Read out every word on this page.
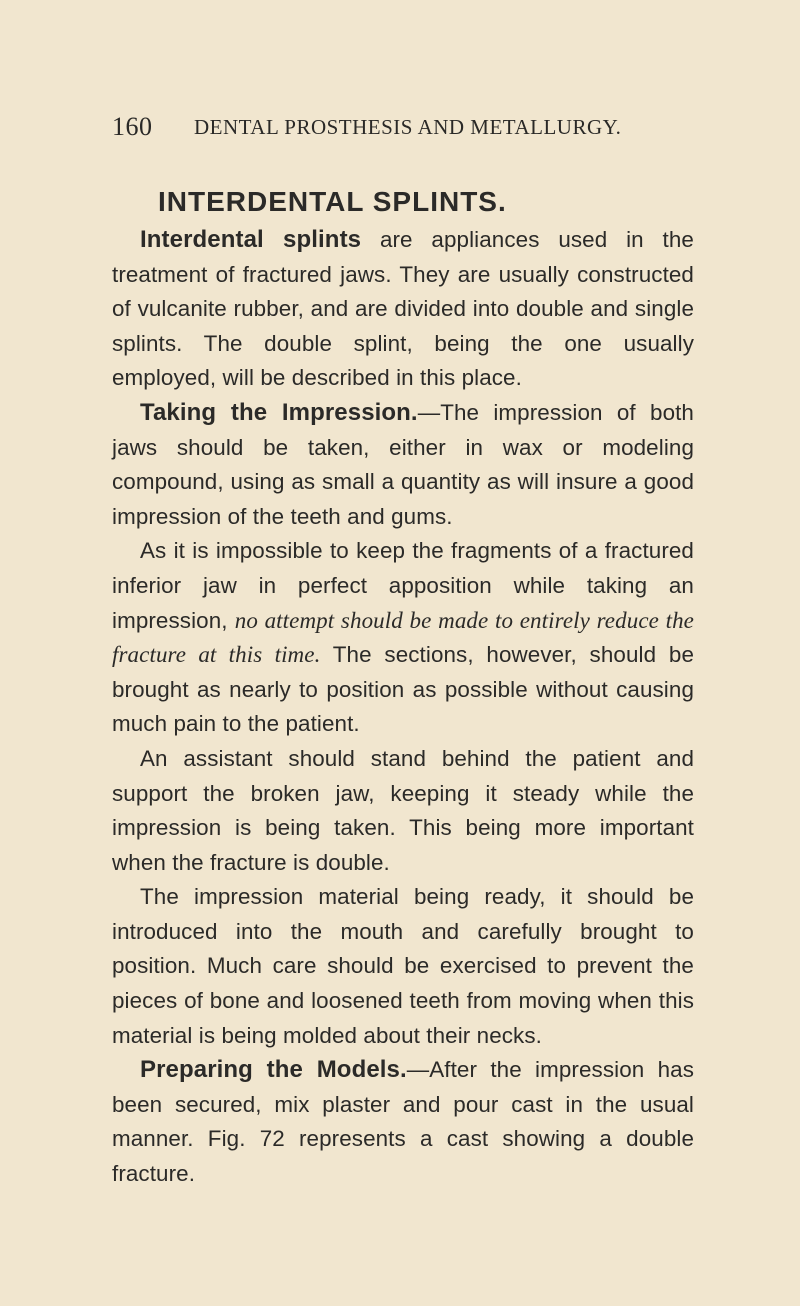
160 DENTAL PROSTHESIS AND METALLURGY.
INTERDENTAL SPLINTS.

Interdental splints are appliances used in the treatment of fractured jaws. They are usually constructed of vulcanite rubber, and are divided into double and single splints. The double splint, being the one usually employed, will be described in this place.

Taking the Impression.—The impression of both jaws should be taken, either in wax or modeling compound, using as small a quantity as will insure a good impression of the teeth and gums.

As it is impossible to keep the fragments of a fractured inferior jaw in perfect apposition while taking an impression, no attempt should be made to entirely reduce the fracture at this time. The sections, however, should be brought as nearly to position as possible without causing much pain to the patient.

An assistant should stand behind the patient and support the broken jaw, keeping it steady while the impression is being taken. This being more important when the fracture is double.

The impression material being ready, it should be introduced into the mouth and carefully brought to position. Much care should be exercised to prevent the pieces of bone and loosened teeth from moving when this material is being molded about their necks.

Preparing the Models.—After the impression has been secured, mix plaster and pour cast in the usual manner. Fig. 72 represents a cast showing a double fracture.
